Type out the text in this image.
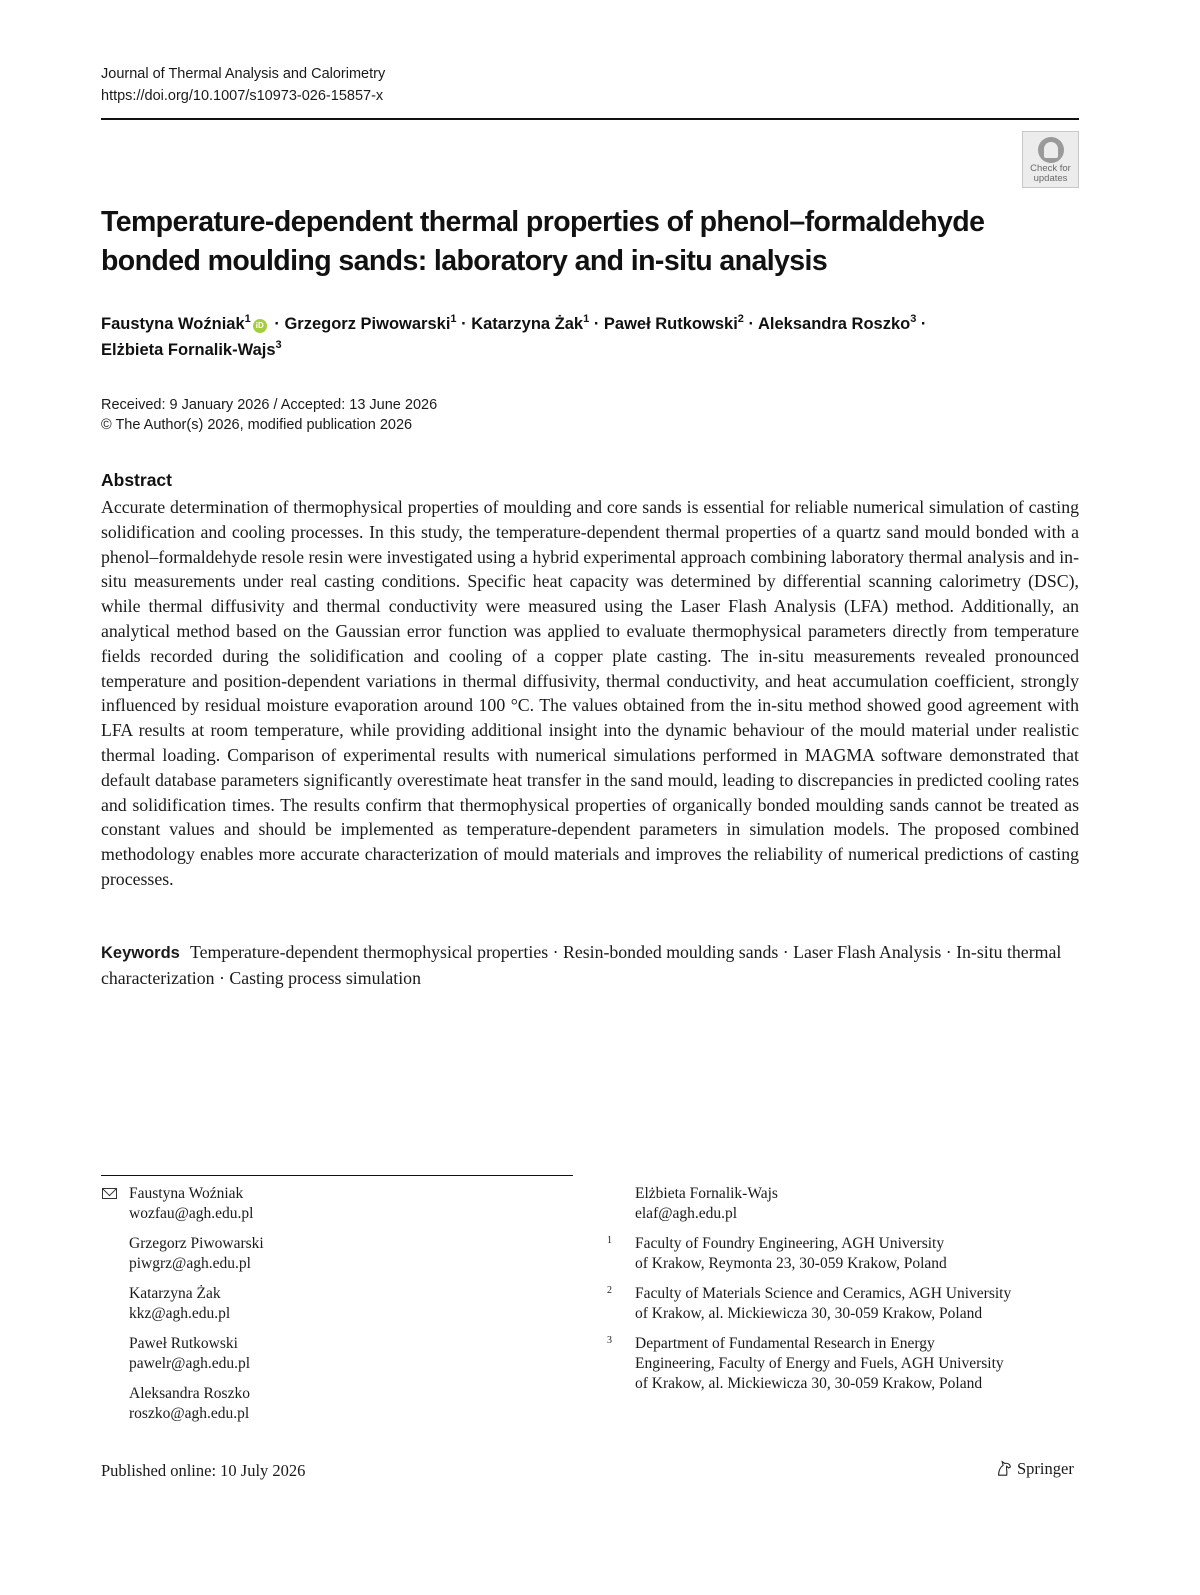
Journal of Thermal Analysis and Calorimetry
https://doi.org/10.1007/s10973-026-15857-x
Check for
updates
Temperature-dependent thermal properties of phenol–formaldehyde bonded moulding sands: laboratory and in-situ analysis
Faustyna Woźniak$^1$iD · Grzegorz Piwowarski$^1$ · Katarzyna Żak$^1$ · Paweł Rutkowski$^2$ · Aleksandra Roszko$^3$ ·
Elżbieta Fornalik-Wajs$^3$
Received: 9 January 2026 / Accepted: 13 June 2026
© The Author(s) 2026, modified publication 2026
Abstract

Accurate determination of thermophysical properties of moulding and core sands is essential for reliable numerical simulation of casting solidification and cooling processes. In this study, the temperature-dependent thermal properties of a quartz sand mould bonded with a phenol–formaldehyde resole resin were investigated using a hybrid experimental approach combining laboratory thermal analysis and in-situ measurements under real casting conditions. Specific heat capacity was determined by differential scanning calorimetry (DSC), while thermal diffusivity and thermal conductivity were measured using the Laser Flash Analysis (LFA) method. Additionally, an analytical method based on the Gaussian error function was applied to evaluate thermophysical parameters directly from temperature fields recorded during the solidification and cooling of a copper plate casting. The in-situ measurements revealed pronounced temperature and position-dependent variations in thermal diffusivity, thermal conductivity, and heat accumulation coefficient, strongly influenced by residual moisture evaporation around 100 °C. The values obtained from the in-situ method showed good agreement with LFA results at room temperature, while providing additional insight into the dynamic behaviour of the mould material under realistic thermal loading. Comparison of experimental results with numerical simulations performed in MAGMA software demonstrated that default database parameters significantly overestimate heat transfer in the sand mould, leading to discrepancies in predicted cooling rates and solidification times. The results confirm that thermophysical properties of organically bonded moulding sands cannot be treated as constant values and should be implemented as temperature-dependent parameters in simulation models. The proposed combined methodology enables more accurate characterization of mould materials and improves the reliability of numerical predictions of casting processes.

Keywords Temperature-dependent thermophysical properties · Resin-bonded moulding sands · Laser Flash Analysis · In-situ thermal characterization · Casting process simulation
Faustyna Woźniak
wozfau@agh.edu.pl
Grzegorz Piwowarski
piwgrz@agh.edu.pl
Katarzyna Żak
kkz@agh.edu.pl
Paweł Rutkowski
pawelr@agh.edu.pl
Aleksandra Roszko
roszko@agh.edu.pl
Elżbieta Fornalik-Wajs
elaf@agh.edu.pl
1 Faculty of Foundry Engineering, AGH University
of Krakow, Reymonta 23, 30-059 Krakow, Poland
2 Faculty of Materials Science and Ceramics, AGH University
of Krakow, al. Mickiewicza 30, 30-059 Krakow, Poland
3 Department of Fundamental Research in Energy
Engineering, Faculty of Energy and Fuels, AGH University
of Krakow, al. Mickiewicza 30, 30-059 Krakow, Poland
Published online: 10 July 2026	Springer
